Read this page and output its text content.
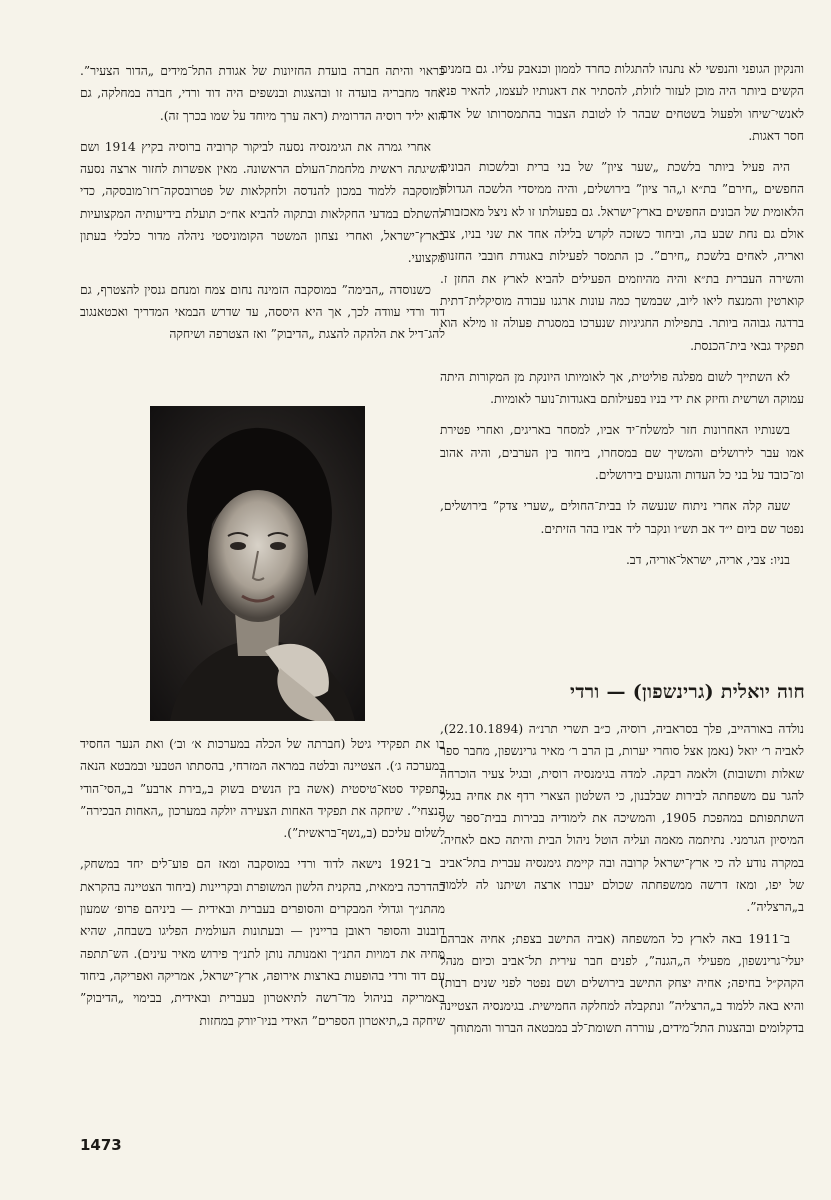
והנקיון הגופני והנפשי לא נתנהו להתגלות כחרד לממון וכנאבק עליו. גם בזמנים הקשים ביותר היה מוכן לעזור לזולת, להסתיר את דאגותיו לעצמו, להאיר פניו לאנשי־שיחו ולפעול בשטחים שבהר לו לטובת הצבור בהתמסרותו של אדם חסר דאגות.

היה פעיל ביותר בלשכת „שער ציון” של בני ברית ובלשכות הבונים החפשים „חירם” בת״א ו„הר ציון” בירושלים, והיה ממיסדי הלשכה הגדולה הלאומית של הבונים החפשים בארץ־ישראל. גם בפעולתו זו לא ניצל מאכזבות, אולם גם נחת שבע בה, וביחוד כשזכה לקדש בלילה אחד את שני בניו, צבי ואריה, לאחים בלשכת „חירם”. כן התמסר לפעילות באגודת חובבי החזנות והשירה העברית בת״א והיה מהיוזמים הפעילים להביא לארץ את החזן ז. קוארטין והמנצח ליאו ליוב, שבמשך כמה עונות ארגנו עבודה מוסיקלית־דתית ברדגה גבוהה ביותר. בתפילות החגיגיות שנערכו במסגרת פעולה זו מילא הוא תפקיד גבאי בית־הכנסת.

לא השתייך לשום מפלגה פוליטית, אך לאומיותו היונקת מן המקורות היתה עמוקה ושרשית וחיזק את ידי בניו בפעילותם באגודות־נוער לאומיות.

בשנותיו האחרונות חזר למשלח־יד אביו, למסחר באריגים, ואחרי פטירת אמו עבר לירושלים והמשיך שם במסחרו, ביחוד בין הערבים, והיה אהוב ומ־כובד על בני כל העדות והגזעים בירושלים.

שעה קלה אחרי ניתוח שנעשה לו בבית־החולים „שערי צדק” בירושלים, נפטר שם ביום י״ד אב תש״ו ונקבר ליד אביו בהר הזיתים.

בניו: צבי, אריה, ישראל־אוריה, דב.

כראוי והיתה חברה בועדת החזיונות של אגודת התל־מידים „הדור הצעיר”. אחד מחבריה בועדה זו ובהצגות ובנשפים היה דוד ורדי, חברה במחלקה, גם הוא יליד רוסיה הדרומית (ראה ערך מיוחד על שמו בכרך זה).

אחרי גמרה את הגימנסיה נסעה לביקור קרוביה ברוסיה בקיץ 1914 ושם השיגתה ראשית מלחמת־העולם הראשונה. מאין אפשרות לחזור ארצה נסעה למוסקבה ללמוד במכון להנדסה ולחקלאות של פטרובסקה־רזו־מובסקה, כדי להשתלם במדעי החקלאות ובתקוה להביא אח״כ תועלת בידיעותיה המקצועיות בארץ־ישראל, ואחרי נצחון המשטר הקומוניסטי ניהלה מדור כלכלי בעתון מקצועי.

כשנוסדה „הבימה” במוסקבה הזמינה נחום צמח ומנחם גנסין להצטרף, גם דוד ורדי עוודה לכך, אך היא היססה, עד שדרש הבמאי המדריך ואכטאנגוב להג־דיל את הלהקה להצגת „הדיבוק” ואז הצטרפה ושיחקה

חוה יואלית (גרינשפון) — ורדי

נולדה באורהייב, פלך בסראביה, רוסיה, כ״ב תשרי תרנ״ה (22.10.1894), לאביה ר׳ יואל (נאמן אצל סוחרי יערות, בן הרב ר׳ מאיר גרינשפון, מחבר ספר שאלות ותשובות) ולאמה רבקה. למדה בגימנסיה רוסית, ובגיל צעיר הוכרחה להגר עם משפחתה לבירות שבלבנון, כי השלטון הצארי רדף את אחיה בגלל השתתפותם במהפכת 1905, והמשיכה את לימודיה בבירות בבית־ספר של המיסיון הגרמני. נתיתמה מאמה ועליה הוטל ניהול הבית והיתה כאם לאחיה. במקרה נודע לה כי ארץ־ישראל קרובה ובה קיימת גימנסיה עברית בתל־אביב של יפו, ומאז דרשה ממשפחתה שכולם יעברו ארצה ושיתנו לה ללמוד ב„הרצליה”.

ב־1911 באה לארץ כל המשפחה (אביה התישב בצפת; אחיה אברהם יעלי־גרינשפון, מפעילי ה„הגנה”, לפנים חבר עירית תל־אביב וכיום מנהל הקהק״ל בחיפה; אחיה יצחק התישב בירושלים ושם נפטר לפני שנים רבות) והיא באה ללמוד ב„הרצליה” ונתקבלה למחלקה החמישית. בגימנסיה הצטיינה בדקלומים ובהצגות התל־מידים, עוררה תשומת־לב במבטאה הברור והמתוחך

בו את תפקידי גיטל (חברתה של הכלה במערכות א׳ וב׳) ואת הנער החסיד במערכה ג׳). הצטיינה ובלטה במראה המזרחי, בהסתתו הטבעי ובמבטא הנאה בתפקיד סטא־טיסטית (אשה בין הנשים בשוק ב„בירת ארבע” ב„הסי־הודי הנצחי”. שיחקה את תפקיד האחות הצעירה יולקה במערכון „האחות הבכירה” לשלום עליכם (ב„נשף־בראשית”).

ב־1921 נישאה לדוד ורדי במוסקבה ומאז הם פוע־לים יחד במשחק, בהדרכה בימאית, בהקנית הלשון המשופרת ובקריינות (ביחוד הצטיינה בהקראת מהתנ״ך וגדולי המבקרים והסופרים בעברית ובאידית — ביניהם פרופ׳ שמעון דובנוב והסופר ראובן בריינין — ובעתונות העולמית הפליגו בשבחה, שהיא מחיה את דמויות התנ״ך ואמנותה נותן לתנ״ך פירוש מאיר עינים). הש־תתפה עם דוד ורדי בהופעות בארצות אירופה, ארץ־ישראל, אמריקה ואפריקה, ביחוד באמריקה בניהול מד־רשה לתיאטרון בעברית ובאידית, בבימוי „הדיבוק” שיחקה ב„תיאטרון הספרים” האידי בניו־יורק במחזות

1473
